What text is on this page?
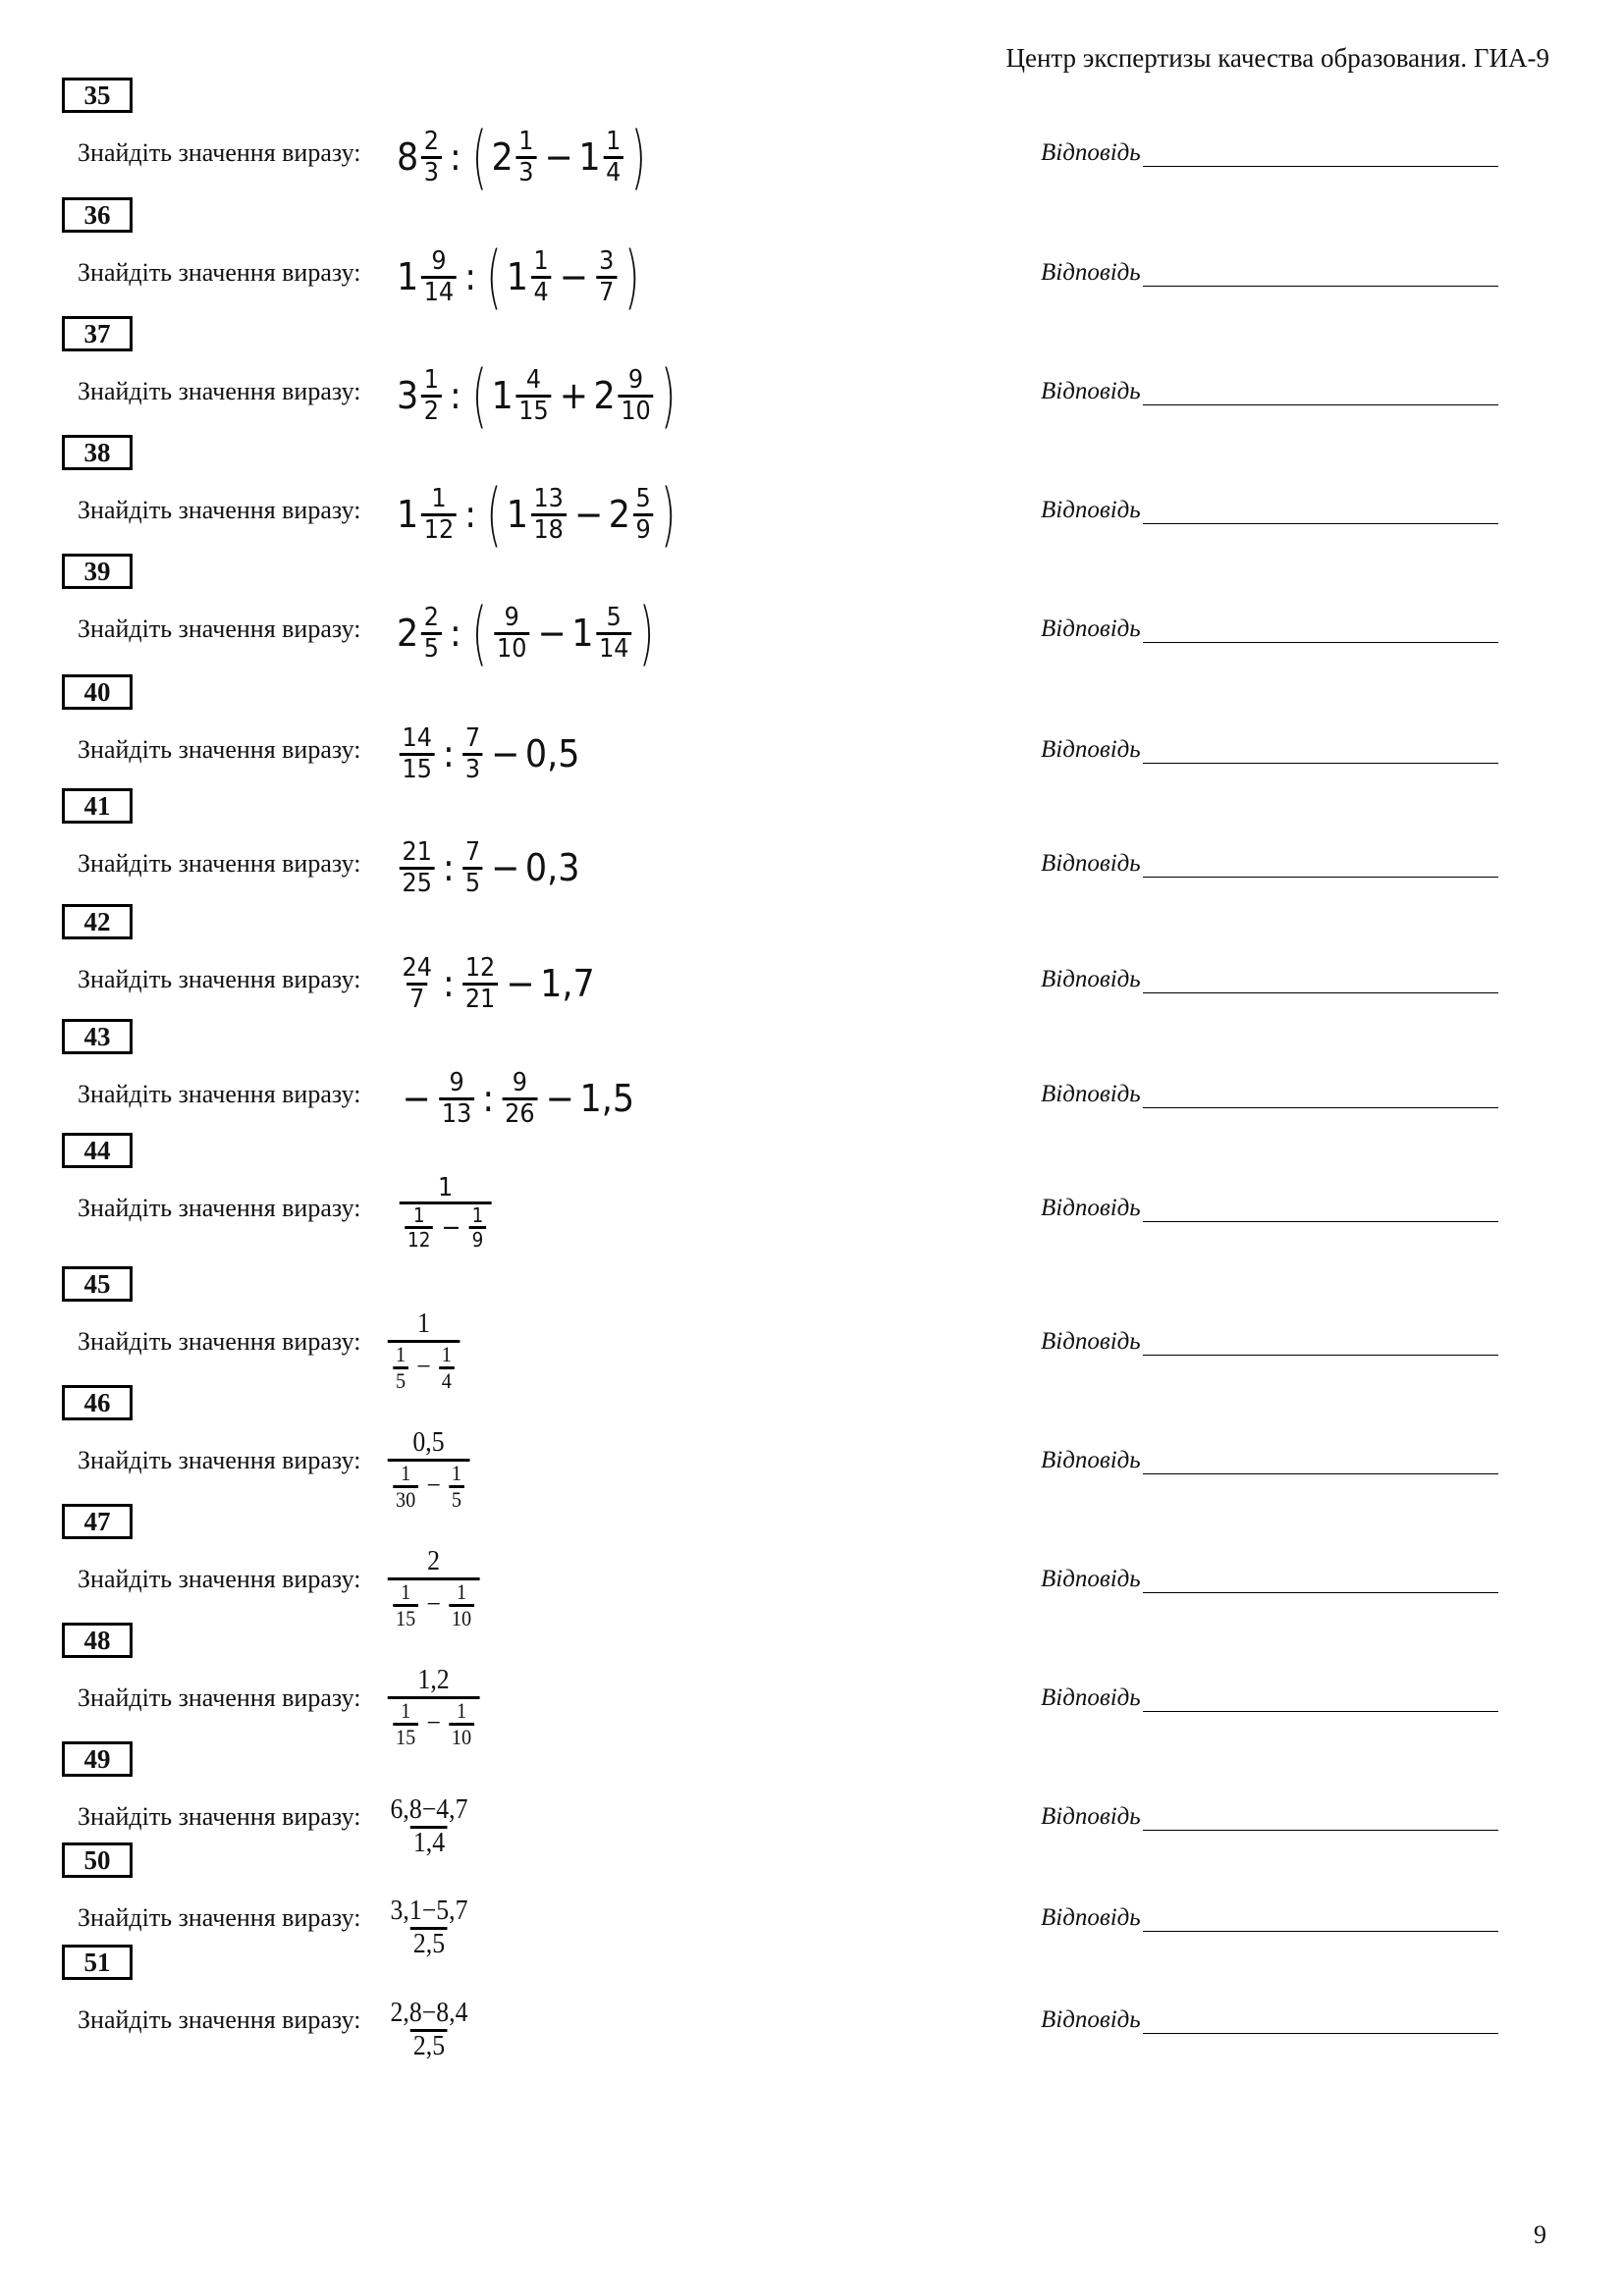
Центр экспертизы качества образования. ГИА-9
35
Знайдіть значення виразу: $8 \frac{2}{3}$ : ( $2 \frac{1}{3} - 1 \frac{1}{4}$ )	Відповідь
36
Знайдіть значення виразу: $1 \frac{9}{14}$ : ( $1 \frac{1}{4} - \frac{3}{7}$ )	Відповідь
37
Знайдіть значення виразу: $3 \frac{1}{2}$ : ( $1 \frac{4}{15} + 2 \frac{9}{10}$ )	Відповідь
38
Знайдіть значення виразу: $1 \frac{1}{12}$ : ( $1 \frac{13}{18} - 2 \frac{5}{9}$ )	Відповідь
39
Знайдіть значення виразу: $2 \frac{2}{5}$ : ( $\frac{9}{10} - 1 \frac{5}{14}$ )	Відповідь
40
Знайдіть значення виразу: $\frac{14}{15}$ : $\frac{7}{3} - 0,5$	Відповідь
41
Знайдіть значення виразу: $\frac{21}{25}$ : $\frac{7}{5} - 0,3$	Відповідь
42
Знайдіть значення виразу: $\frac{24}{7}$ : $\frac{12}{21} - 1,7$	Відповідь
43
Знайдіть значення виразу: − $\frac{9}{13}$ : $\frac{9}{26} - 1,5$	Відповідь
44
Знайдіть значення виразу: $\frac{1}{\frac{1}{12} - \frac{1}{9}}$	Відповідь
45
Знайдіть значення виразу: $\frac{1}{\frac{1}{5} - \frac{1}{4}}$	Відповідь
46
Знайдіть значення виразу: $\frac{0,5}{\frac{1}{30} - \frac{1}{5}}$	Відповідь
47
Знайдіть значення виразу: $\frac{2}{\frac{1}{15} - \frac{1}{10}}$	Відповідь
48
Знайдіть значення виразу: $\frac{1,2}{\frac{1}{15} - \frac{1}{10}}$	Відповідь
49
Знайдіть значення виразу: $\frac{6,8-4,7}{1,4}$	Відповідь
50
Знайдіть значення виразу: $\frac{3,1-5,7}{2,5}$	Відповідь
51
Знайдіть значення виразу: $\frac{2,8-8,4}{2,5}$	Відповідь
9
